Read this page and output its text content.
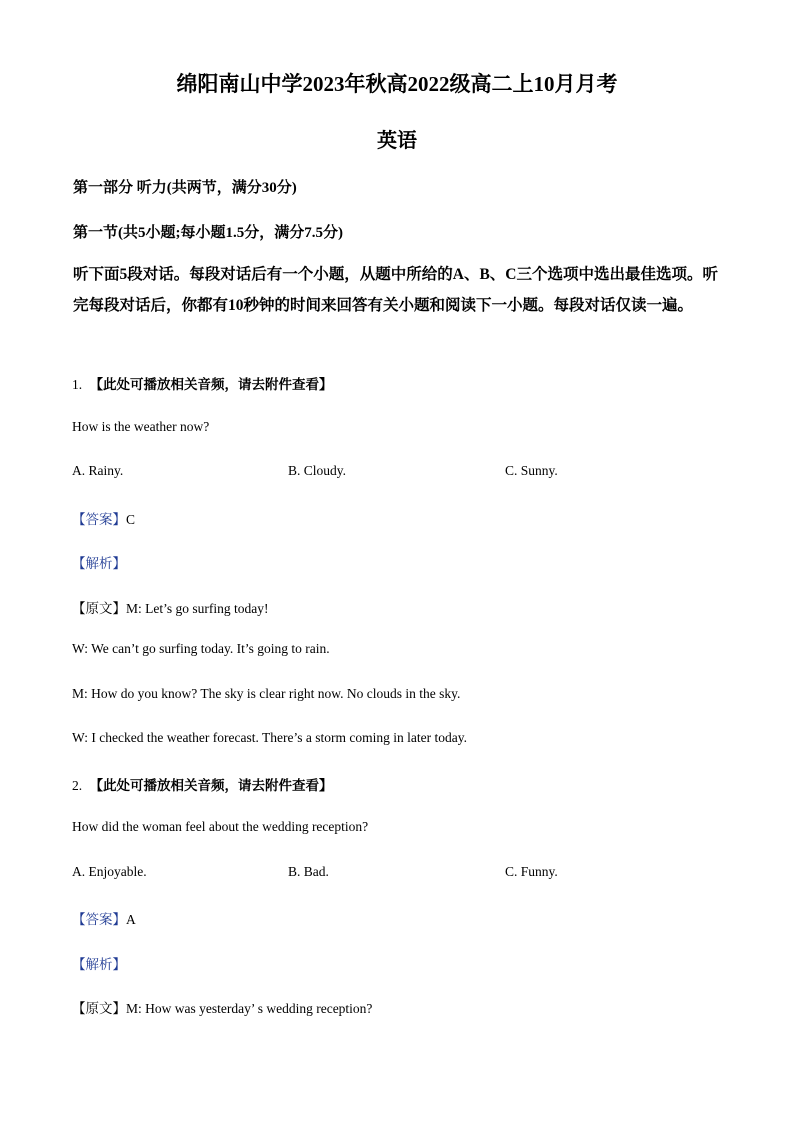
绵阳南山中学2023年秋高2022级高二上10月月考
英语
第一部分 听力(共两节，满分30分)
第一节(共5小题;每小题1.5分，满分7.5分)
听下面5段对话。每段对话后有一个小题，从题中所给的A、B、C三个选项中选出最佳选项。听完每段对话后，你都有10秒钟的时间来回答有关小题和阅读下一小题。每段对话仅读一遍。
1. 【此处可播放相关音频，请去附件查看】
How is the weather now?
A. Rainy.	B. Cloudy.	C. Sunny.
【答案】C
【解析】
【原文】M: Let’s go surfing today!
W: We can’t go surfing today. It’s going to rain.
M: How do you know? The sky is clear right now. No clouds in the sky.
W: I checked the weather forecast. There’s a storm coming in later today.
2. 【此处可播放相关音频，请去附件查看】
How did the woman feel about the wedding reception?
A. Enjoyable.	B. Bad.	C. Funny.
【答案】A
【解析】
【原文】M: How was yesterday’ s wedding reception?
